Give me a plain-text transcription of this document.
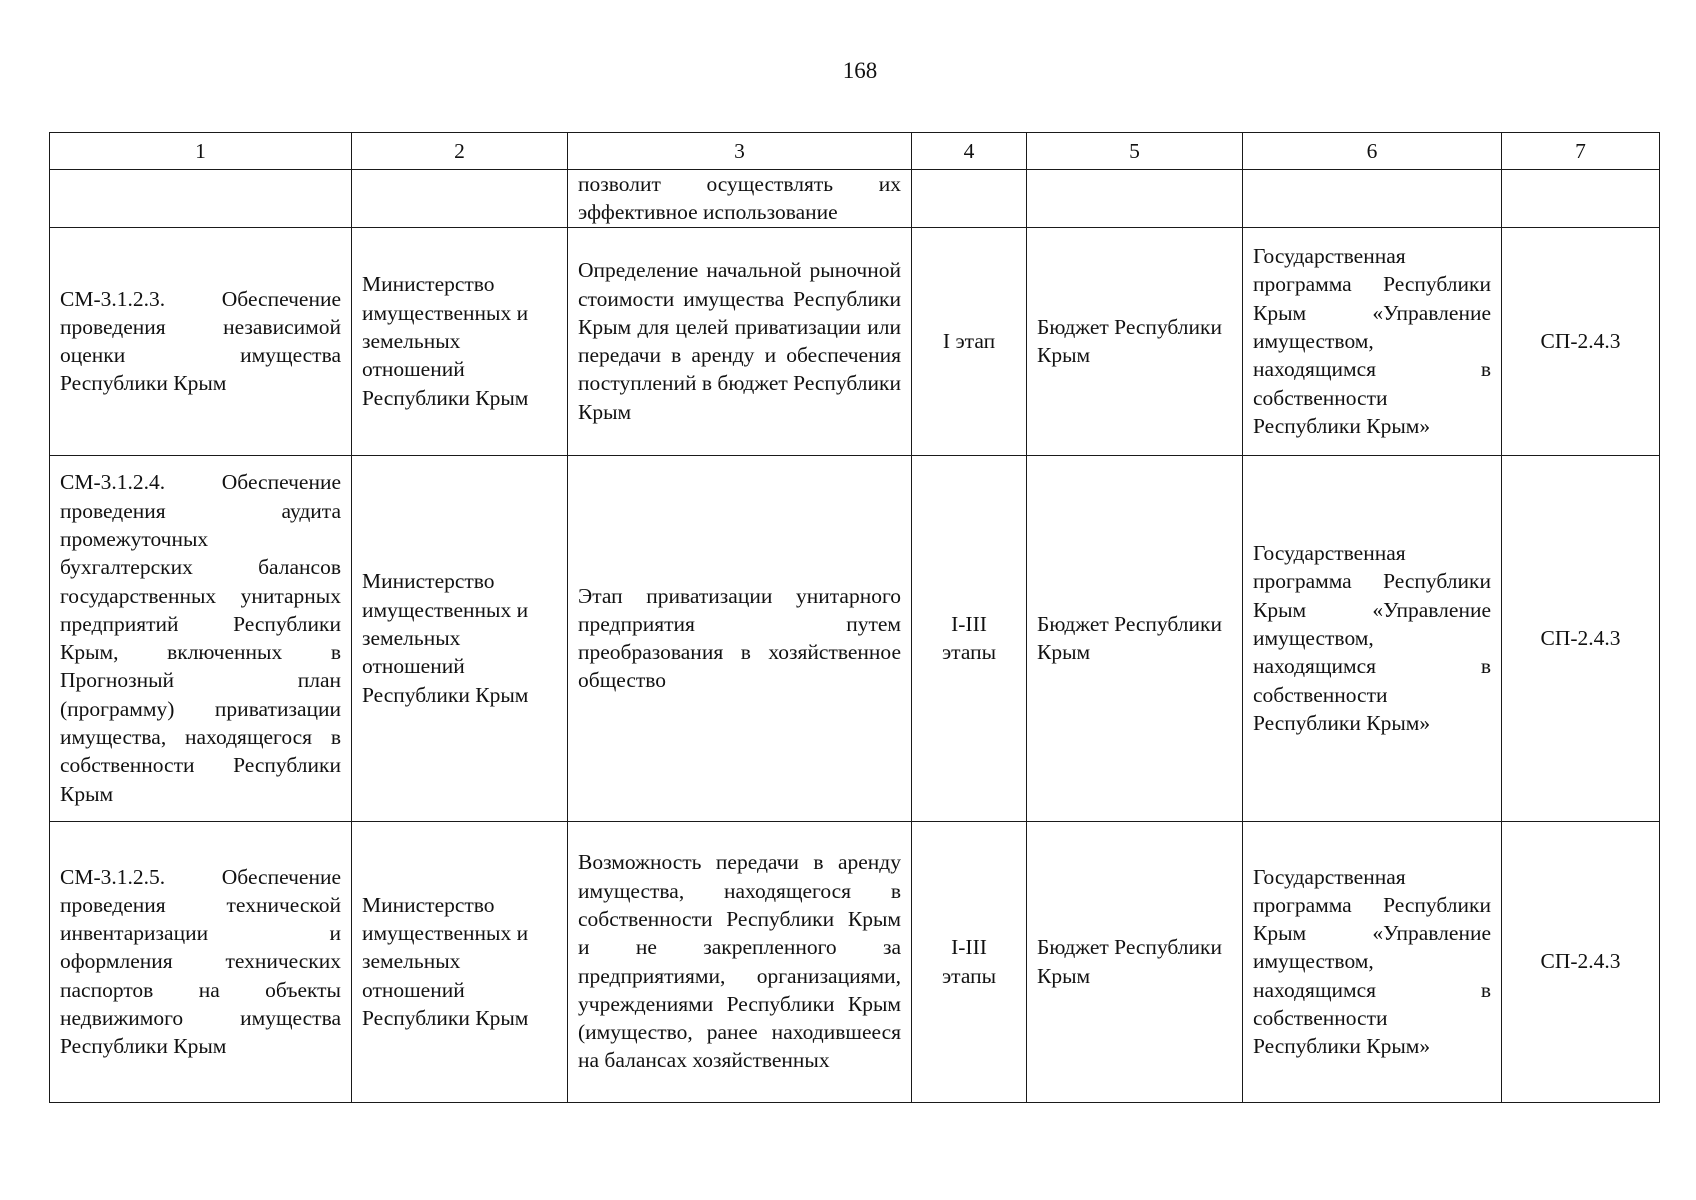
168
1	2	3	4	5	6	7
		позволит осуществлять их эффективное использование				
СМ-3.1.2.3. Обеспечение проведения независимой оценки имущества Республики Крым	Министерство имущественных и земельных отношений Республики Крым	Определение начальной рыночной стоимости имущества Республики Крым для целей приватизации или передачи в аренду и обеспечения поступлений в бюджет Республики Крым	I этап	Бюджет Республики Крым	Государственная программа Республики Крым «Управление имуществом, находящимся в собственности Республики Крым»	СП-2.4.3
СМ-3.1.2.4. Обеспечение проведения аудита промежуточных бухгалтерских балансов государственных унитарных предприятий Республики Крым, включенных в Прогнозный план (программу) приватизации имущества, находящегося в собственности Республики Крым	Министерство имущественных и земельных отношений Республики Крым	Этап приватизации унитарного предприятия путем преобразования в хозяйственное общество	I-III этапы	Бюджет Республики Крым	Государственная программа Республики Крым «Управление имуществом, находящимся в собственности Республики Крым»	СП-2.4.3
СМ-3.1.2.5. Обеспечение проведения технической инвентаризации и оформления технических паспортов на объекты недвижимого имущества Республики Крым	Министерство имущественных и земельных отношений Республики Крым	Возможность передачи в аренду имущества, находящегося в собственности Республики Крым и не закрепленного за предприятиями, организациями, учреждениями Республики Крым (имущество, ранее находившееся на балансах хозяйственных	I-III этапы	Бюджет Республики Крым	Государственная программа Республики Крым «Управление имуществом, находящимся в собственности Республики Крым»	СП-2.4.3
